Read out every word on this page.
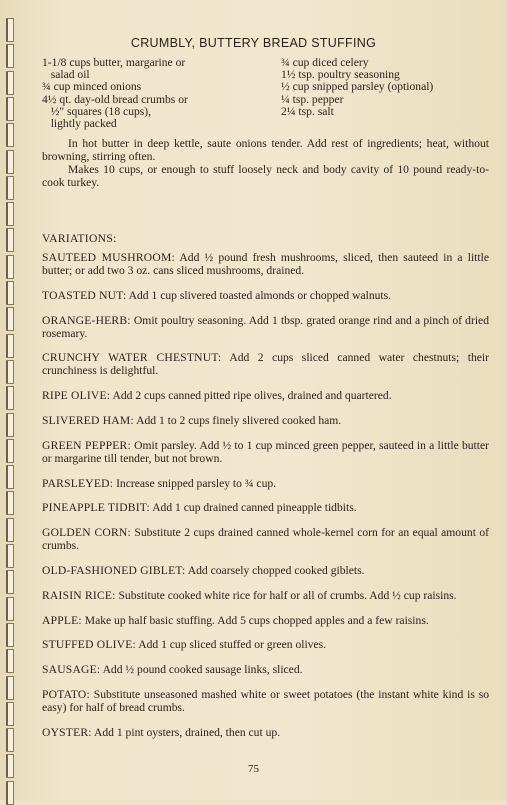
CRUMBLY, BUTTERY BREAD STUFFING
1-1/8 cups butter, margarine or
salad oil
¾ cup minced onions
4½ qt. day-old bread crumbs or
½" squares (18 cups),
lightly packed
¾ cup diced celery
1½ tsp. poultry seasoning
½ cup snipped parsley (optional)
¼ tsp. pepper
2¼ tsp. salt

In hot butter in deep kettle, saute onions tender. Add rest of ingredients; heat, without browning, stirring often.

Makes 10 cups, or enough to stuff loosely neck and body cavity of 10 pound ready-to-cook turkey.

VARIATIONS:
SAUTEED MUSHROOM: Add ½ pound fresh mushrooms, sliced, then sauteed in a little butter; or add two 3 oz. cans sliced mushrooms, drained.
TOASTED NUT: Add 1 cup slivered toasted almonds or chopped walnuts.
ORANGE-HERB: Omit poultry seasoning. Add 1 tbsp. grated orange rind and a pinch of dried rosemary.
CRUNCHY WATER CHESTNUT: Add 2 cups sliced canned water chestnuts; their crunchiness is delightful.
RIPE OLIVE: Add 2 cups canned pitted ripe olives, drained and quartered.
SLIVERED HAM: Add 1 to 2 cups finely slivered cooked ham.
GREEN PEPPER: Omit parsley. Add ½ to 1 cup minced green pepper, sauteed in a little butter or margarine till tender, but not brown.
PARSLEYED: Increase snipped parsley to ¾ cup.
PINEAPPLE TIDBIT: Add 1 cup drained canned pineapple tidbits.
GOLDEN CORN: Substitute 2 cups drained canned whole-kernel corn for an equal amount of crumbs.
OLD-FASHIONED GIBLET: Add coarsely chopped cooked giblets.
RAISIN RICE: Substitute cooked white rice for half or all of crumbs. Add ½ cup raisins.
APPLE: Make up half basic stuffing. Add 5 cups chopped apples and a few raisins.
STUFFED OLIVE: Add 1 cup sliced stuffed or green olives.
SAUSAGE: Add ½ pound cooked sausage links, sliced.
POTATO: Substitute unseasoned mashed white or sweet potatoes (the instant white kind is so easy) for half of bread crumbs.
OYSTER: Add 1 pint oysters, drained, then cut up.
75
